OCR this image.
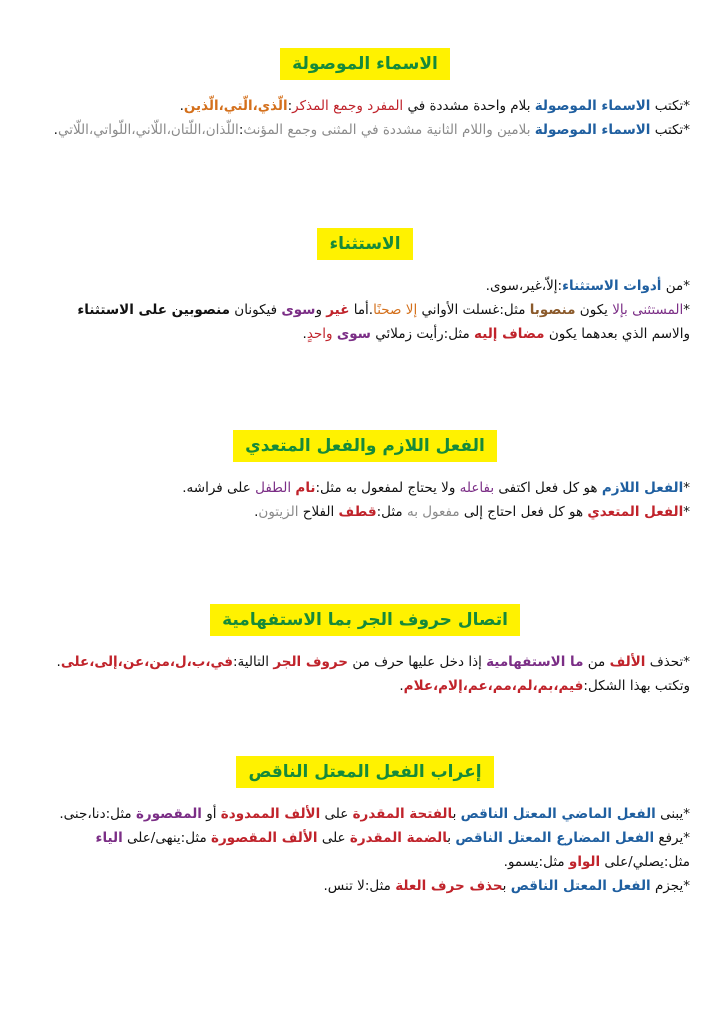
الاسماء الموصولة
*تكتب الاسماء الموصولة بلام واحدة مشددة في المفرد وجمع المذكر:الّذي،الّتي،الّذين.
*تكتب الاسماء الموصولة بلامين واللام الثانية مشددة في المثنى وجمع المؤنث:اللّذان،اللّتان،اللّاني،اللّواتي،اللّاتي.
الاستثناء
*من أدوات الاستثناء:إلاّ،غير،سوى.
*المستثنى بإلا يكون منصوبا مثل:غسلت الأواني إلا صحنًا.أما غير وسوى فيكونان منصوبين على الاستثناء والاسم الذي بعدهما يكون مضاف إليه مثل:رأيت زملائي سوى واحدٍ.
الفعل اللازم والفعل المتعدي
*الفعل اللازم هو كل فعل اكتفى بفاعله ولا يحتاج لمفعول به مثل:نام الطفل على فراشه.
*الفعل المتعدي هو كل فعل احتاج إلى مفعول به مثل:قطف الفلاح الزيتون.
اتصال حروف الجر بما الاستفهامية
*تحذف الألف من ما الاستفهامية إذا دخل عليها حرف من حروف الجر التالية:في،ب،ل،من،عن،إلى،على.
وتكتب بهذا الشكل:فيم،بم،لم،مم،عم،إلام،علام.
إعراب الفعل المعتل الناقص
*يبنى الفعل الماضي المعتل الناقص بالفتحة المقدرة على الألف الممدودة أو المقصورة مثل:دنا،جنى.
*يرفع الفعل المضارع المعتل الناقص بالضمة المقدرة على الألف المقصورة مثل:ينهى/على الياء مثل:يصلي/على الواو مثل:يسمو.
*يجزم الفعل المعتل الناقص بحذف حرف العلة مثل:لا تنس.
